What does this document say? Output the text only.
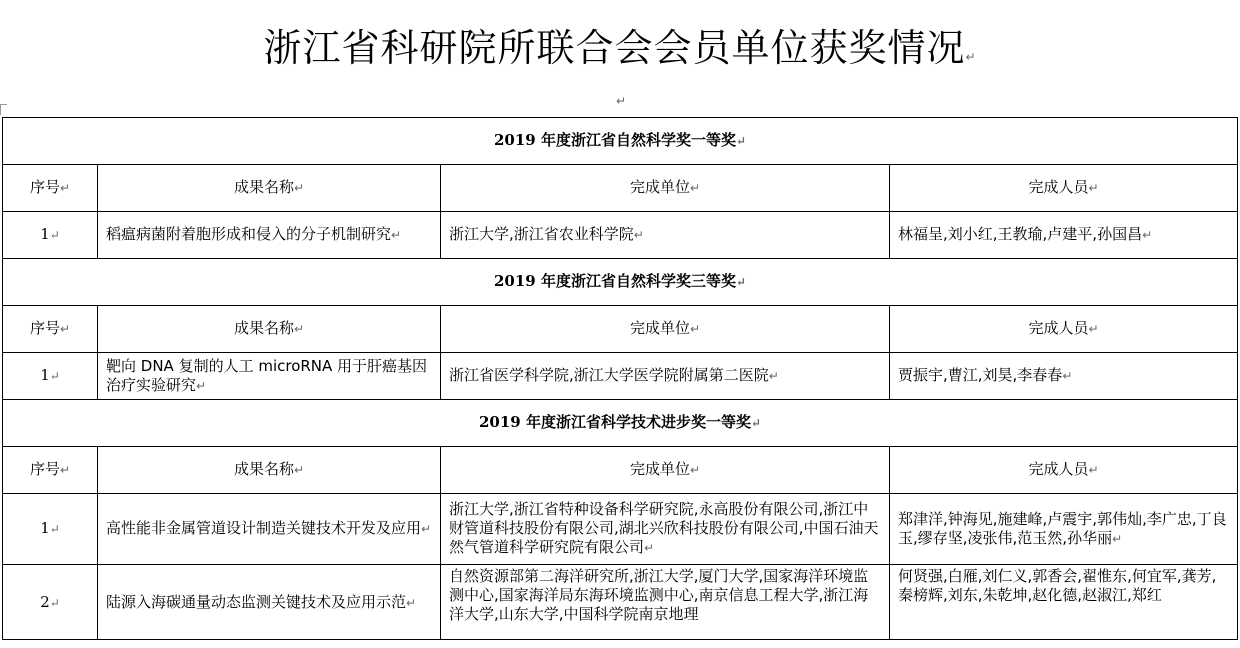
浙江省科研院所联合会会员单位获奖情况↵
↵
2019 年度浙江省自然科学奖一等奖↵			
序号↵	成果名称↵	完成单位↵	完成人员↵
1↵	稻瘟病菌附着胞形成和侵入的分子机制研究↵	浙江大学,浙江省农业科学院↵	林福呈,刘小红,王教瑜,卢建平,孙国昌↵
2019 年度浙江省自然科学奖三等奖↵			
序号↵	成果名称↵	完成单位↵	完成人员↵
1↵	靶向 DNA 复制的人工 microRNA 用于肝癌基因治疗实验研究↵	浙江省医学科学院,浙江大学医学院附属第二医院↵	贾振宇,曹江,刘昊,李春春↵
2019 年度浙江省科学技术进步奖一等奖↵			
序号↵	成果名称↵	完成单位↵	完成人员↵
1↵	高性能非金属管道设计制造关键技术开发及应用↵	浙江大学,浙江省特种设备科学研究院,永高股份有限公司,浙江中财管道科技股份有限公司,湖北兴欣科技股份有限公司,中国石油天然气管道科学研究院有限公司↵	郑津洋,钟海见,施建峰,卢震宇,郭伟灿,李广忠,丁良玉,缪存坚,凌张伟,范玉然,孙华丽↵
2↵	陆源入海碳通量动态监测关键技术及应用示范↵	自然资源部第二海洋研究所,浙江大学,厦门大学,国家海洋环境监测中心,国家海洋局东海环境监测中心,南京信息工程大学,浙江海洋大学,山东大学,中国科学院南京地理	何贤强,白雁,刘仁义,郭香会,翟惟东,何宜军,龚芳,秦榜辉,刘东,朱乾坤,赵化德,赵淑江,郑红
